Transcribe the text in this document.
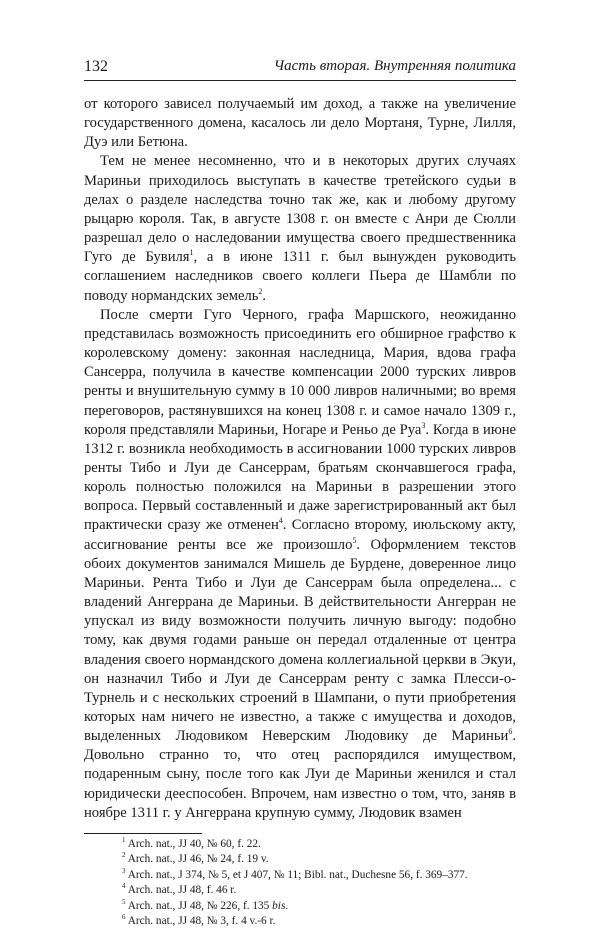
132	Часть вторая. Внутренняя политика

от которого зависел получаемый им доход, а также на увеличение государственного домена, касалось ли дело Мортаня, Турне, Лилля, Дуэ или Бетюна.

Тем не менее несомненно, что и в некоторых других случаях Мариньи приходилось выступать в качестве третейского судьи в делах о разделе наследства точно так же, как и любому другому рыцарю короля. Так, в августе 1308 г. он вместе с Анри де Сюлли разрешал дело о наследовании имущества своего предшественника Гуго де Бувиля$^1$, а в июне 1311 г. был вынужден руководить соглашением наследников своего коллеги Пьера де Шамбли по поводу нормандских земель$^2$.

После смерти Гуго Черного, графа Маршского, неожиданно представилась возможность присоединить его обширное графство к королевскому домену: законная наследница, Мария, вдова графа Сансерра, получила в качестве компенсации 2000 турских ливров ренты и внушительную сумму в 10 000 ливров наличными; во время переговоров, растянувшихся на конец 1308 г. и самое начало 1309 г., короля представляли Мариньи, Ногаре и Реньо де Руа$^3$. Когда в июне 1312 г. возникла необходимость в ассигновании 1000 турских ливров ренты Тибо и Луи де Сансеррам, братьям скончавшегося графа, король полностью положился на Мариньи в разрешении этого вопроса. Первый составленный и даже зарегистрированный акт был практически сразу же отменен$^4$. Согласно второму, июльскому акту, ассигнование ренты все же произошло$^5$. Оформлением текстов обоих документов занимался Мишель де Бурдене, доверенное лицо Мариньи. Рента Тибо и Луи де Сансеррам была определена... с владений Ангеррана де Мариньи. В действительности Ангерран не упускал из виду возможности получить личную выгоду: подобно тому, как двумя годами раньше он передал отдаленные от центра владения своего нормандского домена коллегиальной церкви в Экуи, он назначил Тибо и Луи де Сансеррам ренту с замка Плесси-о-Турнель и с нескольких строений в Шампани, о пути приобретения которых нам ничего не известно, а также с имущества и доходов, выделенных Людовиком Неверским Людовику де Мариньи$^6$. Довольно странно то, что отец распорядился имуществом, подаренным сыну, после того как Луи де Мариньи женился и стал юридически дееспособен. Впрочем, нам известно о том, что, заняв в ноябре 1311 г. у Ангеррана крупную сумму, Людовик взамен

$^1$ Arch. nat., JJ 40, № 60, f. 22.
$^2$ Arch. nat., JJ 46, № 24, f. 19 v.
$^3$ Arch. nat., J 374, № 5, et J 407, № 11; Bibl. nat., Duchesne 56, f. 369–377.
$^4$ Arch. nat., JJ 48, f. 46 r.
$^5$ Arch. nat., JJ 48, № 226, f. 135 bis.
$^6$ Arch. nat., JJ 48, № 3, f. 4 v.-6 r.
